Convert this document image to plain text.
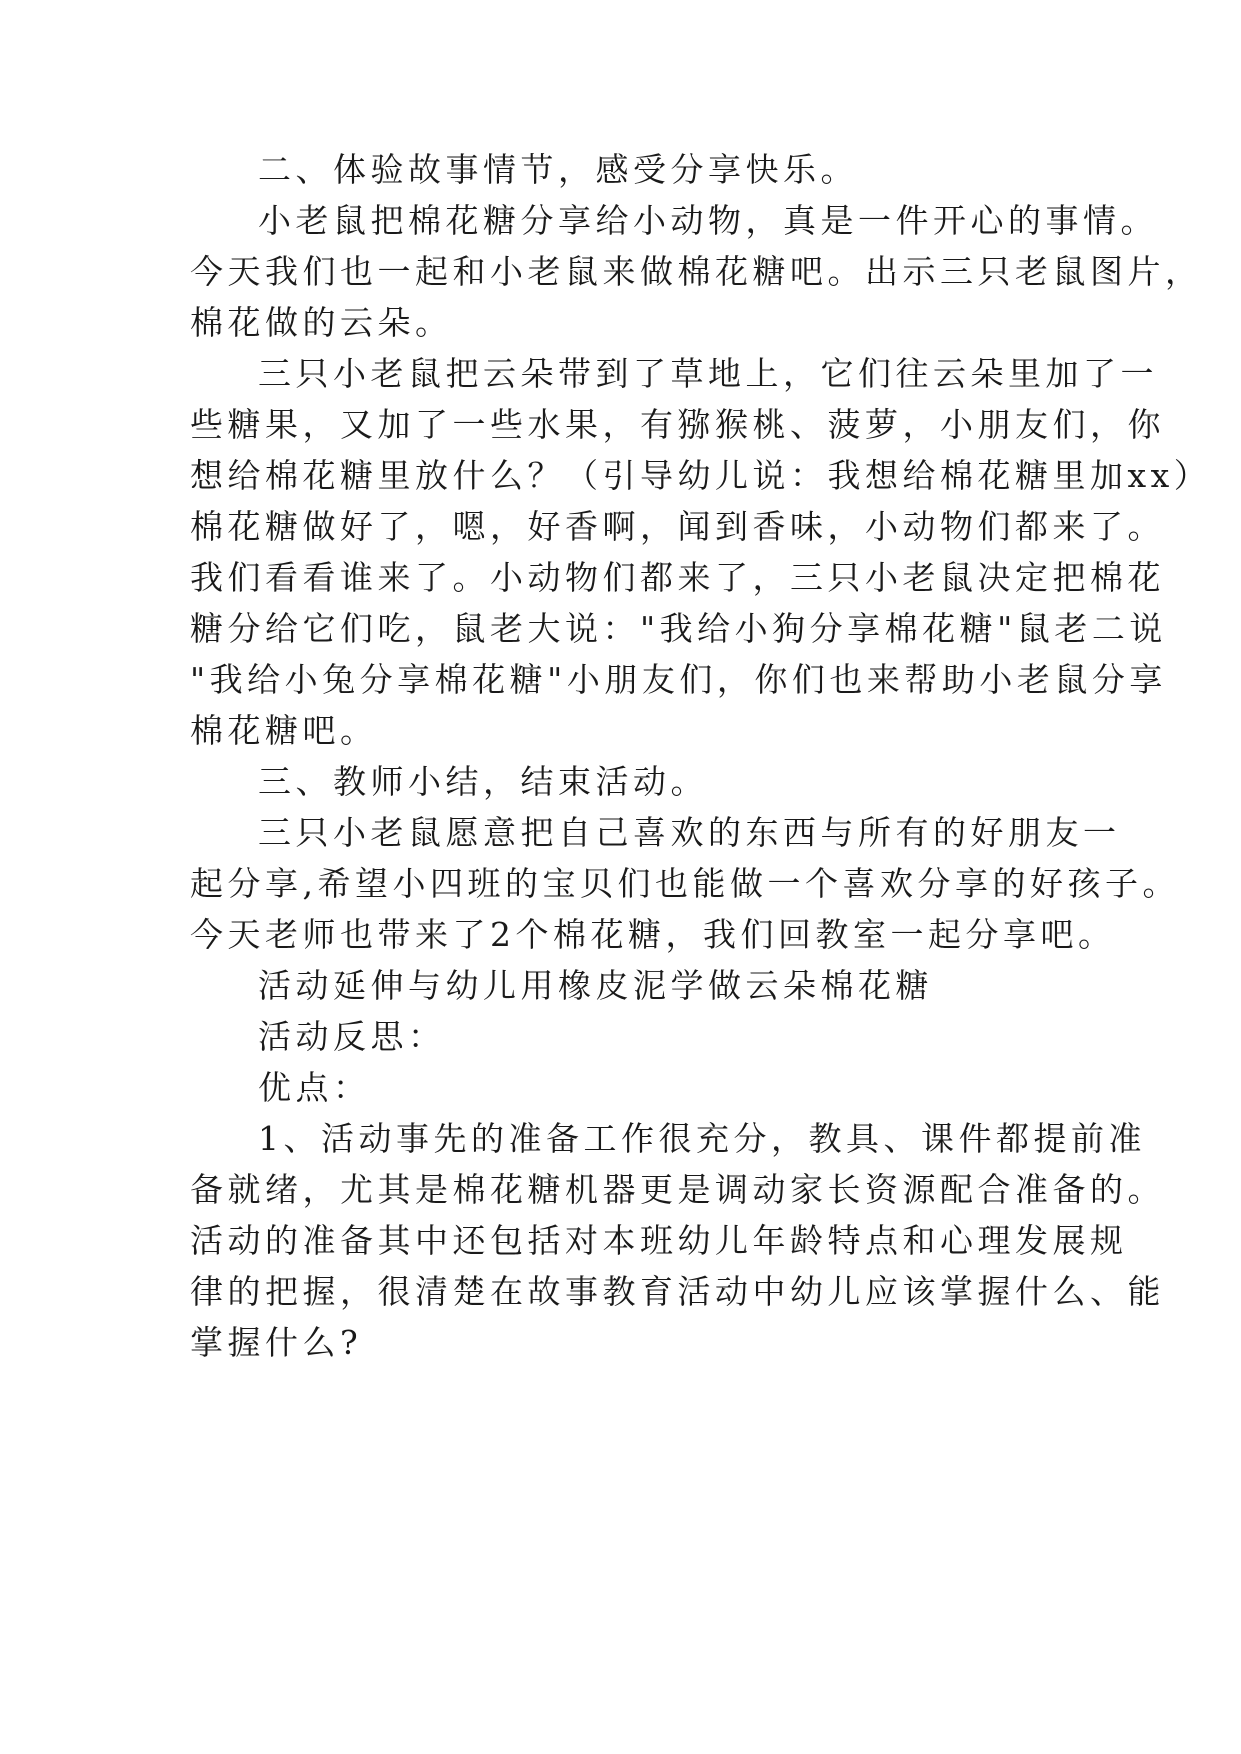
二、体验故事情节，感受分享快乐。
小老鼠把棉花糖分享给小动物，真是一件开心的事情。
今天我们也一起和小老鼠来做棉花糖吧。出示三只老鼠图片，
棉花做的云朵。
三只小老鼠把云朵带到了草地上，它们往云朵里加了一
些糖果，又加了一些水果，有猕猴桃、菠萝，小朋友们，你
想给棉花糖里放什么？（引导幼儿说：我想给棉花糖里加xx）
棉花糖做好了，嗯，好香啊，闻到香味，小动物们都来了。
我们看看谁来了。小动物们都来了，三只小老鼠决定把棉花
糖分给它们吃，鼠老大说："我给小狗分享棉花糖"鼠老二说
"我给小兔分享棉花糖"小朋友们，你们也来帮助小老鼠分享
棉花糖吧。
三、教师小结，结束活动。
三只小老鼠愿意把自己喜欢的东西与所有的好朋友一
起分享,希望小四班的宝贝们也能做一个喜欢分享的好孩子。
今天老师也带来了2个棉花糖，我们回教室一起分享吧。
活动延伸与幼儿用橡皮泥学做云朵棉花糖
活动反思：
优点：
1、活动事先的准备工作很充分，教具、课件都提前准
备就绪，尤其是棉花糖机器更是调动家长资源配合准备的。
活动的准备其中还包括对本班幼儿年龄特点和心理发展规
律的把握，很清楚在故事教育活动中幼儿应该掌握什么、能
掌握什么?
